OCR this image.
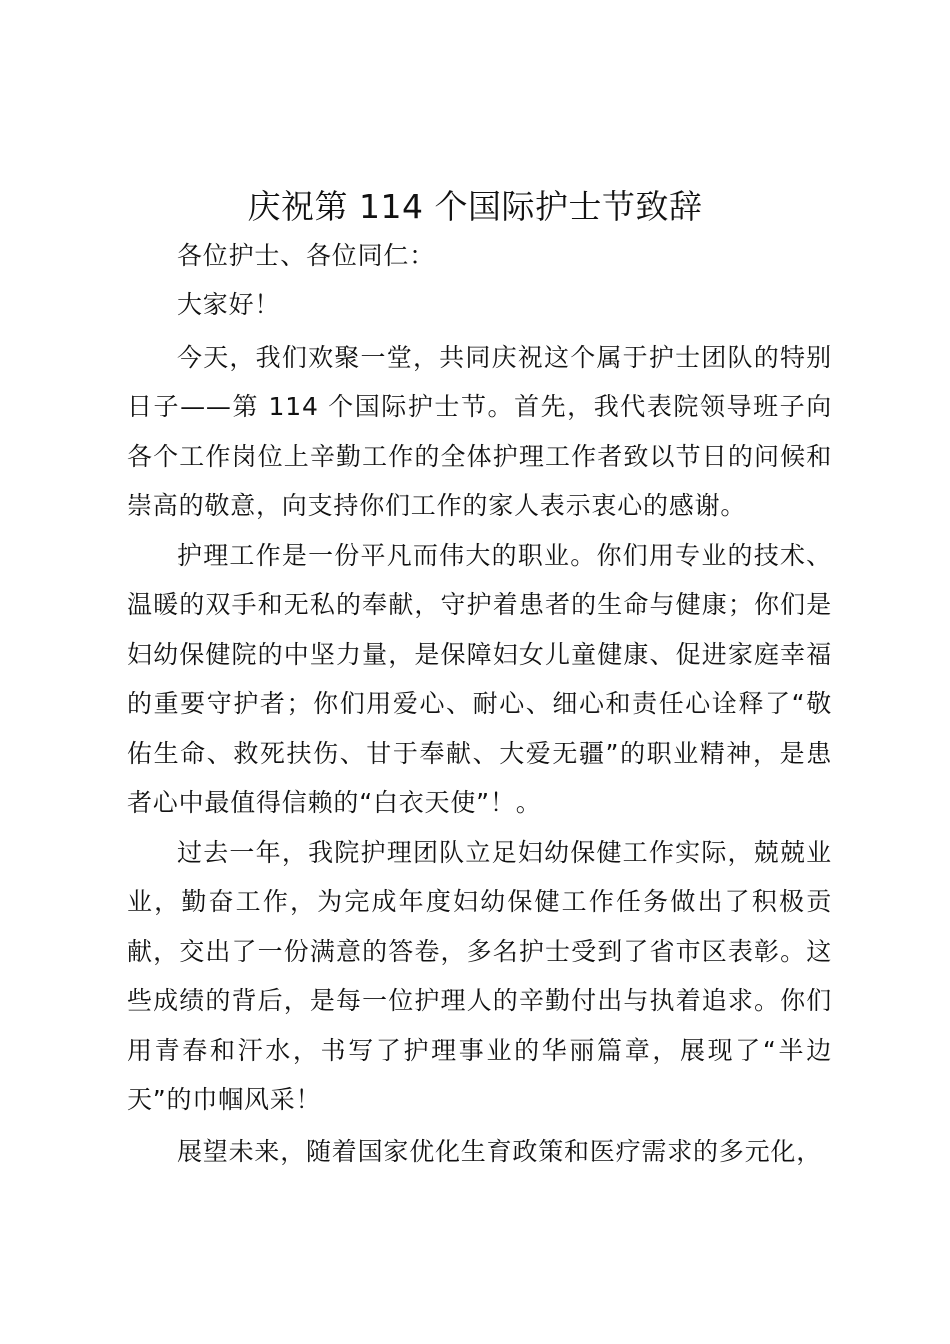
庆祝第 114 个国际护士节致辞
各位护士、各位同仁：
大家好！

今天，我们欢聚一堂，共同庆祝这个属于护士团队的特别日子——第 114 个国际护士节。首先，我代表院领导班子向各个工作岗位上辛勤工作的全体护理工作者致以节日的问候和崇高的敬意，向支持你们工作的家人表示衷心的感谢。

护理工作是一份平凡而伟大的职业。你们用专业的技术、温暖的双手和无私的奉献，守护着患者的生命与健康；你们是妇幼保健院的中坚力量，是保障妇女儿童健康、促进家庭幸福的重要守护者；你们用爱心、耐心、细心和责任心诠释了“敬佑生命、救死扶伤、甘于奉献、大爱无疆”的职业精神，是患者心中最值得信赖的“白衣天使”！。

过去一年，我院护理团队立足妇幼保健工作实际，兢兢业业，勤奋工作，为完成年度妇幼保健工作任务做出了积极贡献，交出了一份满意的答卷，多名护士受到了省市区表彰。这些成绩的背后，是每一位护理人的辛勤付出与执着追求。你们用青春和汗水，书写了护理事业的华丽篇章，展现了“半边天”的巾帼风采！

展望未来，随着国家优化生育政策和医疗需求的多元化，
